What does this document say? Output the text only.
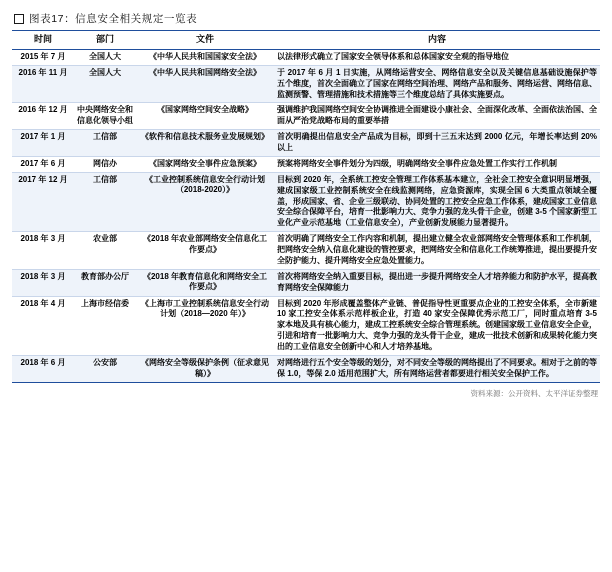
图表17：信息安全相关规定一览表
时间	部门	文件	内容
2015 年 7 月	全国人大	《中华人民共和国国家安全法》	以法律形式确立了国家安全领导体系和总体国家安全观的指导地位
2016 年 11 月	全国人大	《中华人民共和国网络安全法》	于 2017 年 6 月 1 日实施，从网络运营安全、网络信息安全以及关键信息基础设施保护等五个维度，首次全面确立了国家在网络空间治理、网络产品和服务、网络运营、网络信息、监测预警、管理措施和技术措施等三个维度总结了具体实施要点。
2016 年 12 月	中央网络安全和信息化领导小组	《国家网络空间安全战略》	强调维护我国网络空间安全协调推进全面建设小康社会、全面深化改革、全面依法治国、全面从严治党战略布局的重要举措
2017 年 1 月	工信部	《软件和信息技术服务业发展规划》	首次明确提出信息安全产品成为目标，即到十三五末达到 2000 亿元，年增长率达到 20% 以上
2017 年 6 月	网信办	《国家网络安全事件应急预案》	预案将网络安全事件划分为四级，明确网络安全事件应急处置工作实行工作机制
2017 年 12 月	工信部	《工业控制系统信息安全行动计划（2018-2020）》	目标到 2020 年，全系统工控安全管理工作体系基本建立，全社会工控安全意识明显增强，建成国家级工业控制系统安全在线监测网络，应急资源库，实现全国 6 大类重点领域全覆盖，形成国家、省、企业三级联动、协同处置的工控安全应急工作体系，建成国家工业信息安全综合保障平台，培育一批影响力大、竞争力强的龙头骨干企业，创建 3-5 个国家新型工业化产业示范基地（工业信息安全），产业创新发展能力显著提升。
2018 年 3 月	农业部	《2018 年农业部网络安全信息化工作要点》	首次明确了网络安全工作内容和机制，提出建立健全农业部网络安全管理体系和工作机制，把网络安全纳入信息化建设的管控要求，把网络安全和信息化工作统筹推进，提出要提升安全防护能力、提升网络安全应急处置能力。
2018 年 3 月	教育部办公厅	《2018 年教育信息化和网络安全工作要点》	首次将网络安全纳入重要目标，提出进一步提升网络安全人才培养能力和防护水平，提高教育网络安全保障能力
2018 年 4 月	上海市经信委	《上海市工业控制系统信息安全行动计划（2018—2020 年）》	目标到 2020 年形成覆盖整体产业链、普促指导性更重要点企业的工控安全体系，全市新建 10 家工控安全体系示范样板企业，打造 40 家安全保障优秀示范工厂，同时重点培育 3-5 家本地及具有核心能力，建成工控系统安全综合管理系统。创建国家级工业信息安全企业，引进和培育一批影响力大、竞争力强的龙头骨干企业，建成一批技术创新和成果转化能力突出的工业信息安全创新中心和人才培养基地。
2018 年 6 月	公安部	《网络安全等级保护条例（征求意见稿）》	对网络进行五个安全等级的划分，对不同安全等级的网络提出了不同要求。相对于之前的等保 1.0，等保 2.0 适用范围扩大，所有网络运营者都要进行相关安全保护工作。
资料来源：公开资料、太平洋证券整理
